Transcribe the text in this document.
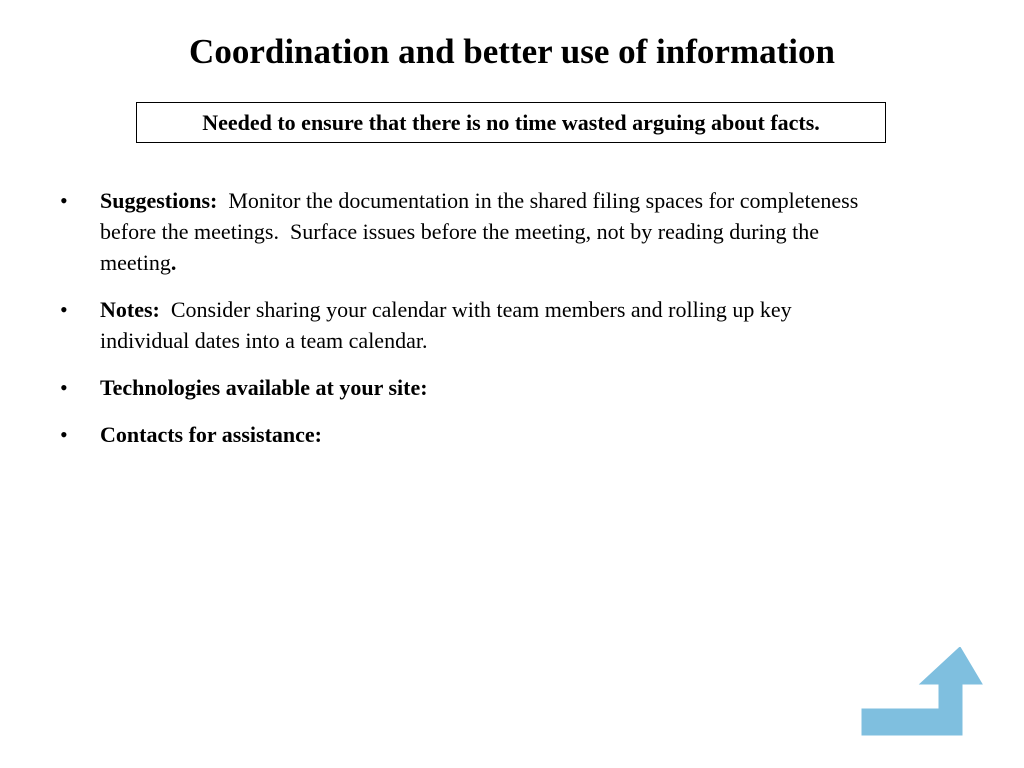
Coordination and better use of information
Needed to ensure that there is no time wasted arguing about facts.
•	Suggestions:  Monitor the documentation in the shared filing spaces for completeness before the meetings.  Surface issues before the meeting, not by reading during the meeting.
•	Notes:  Consider sharing your calendar with team members and rolling up key individual dates into a team calendar.
•	Technologies available at your site:
•	Contacts for assistance:
